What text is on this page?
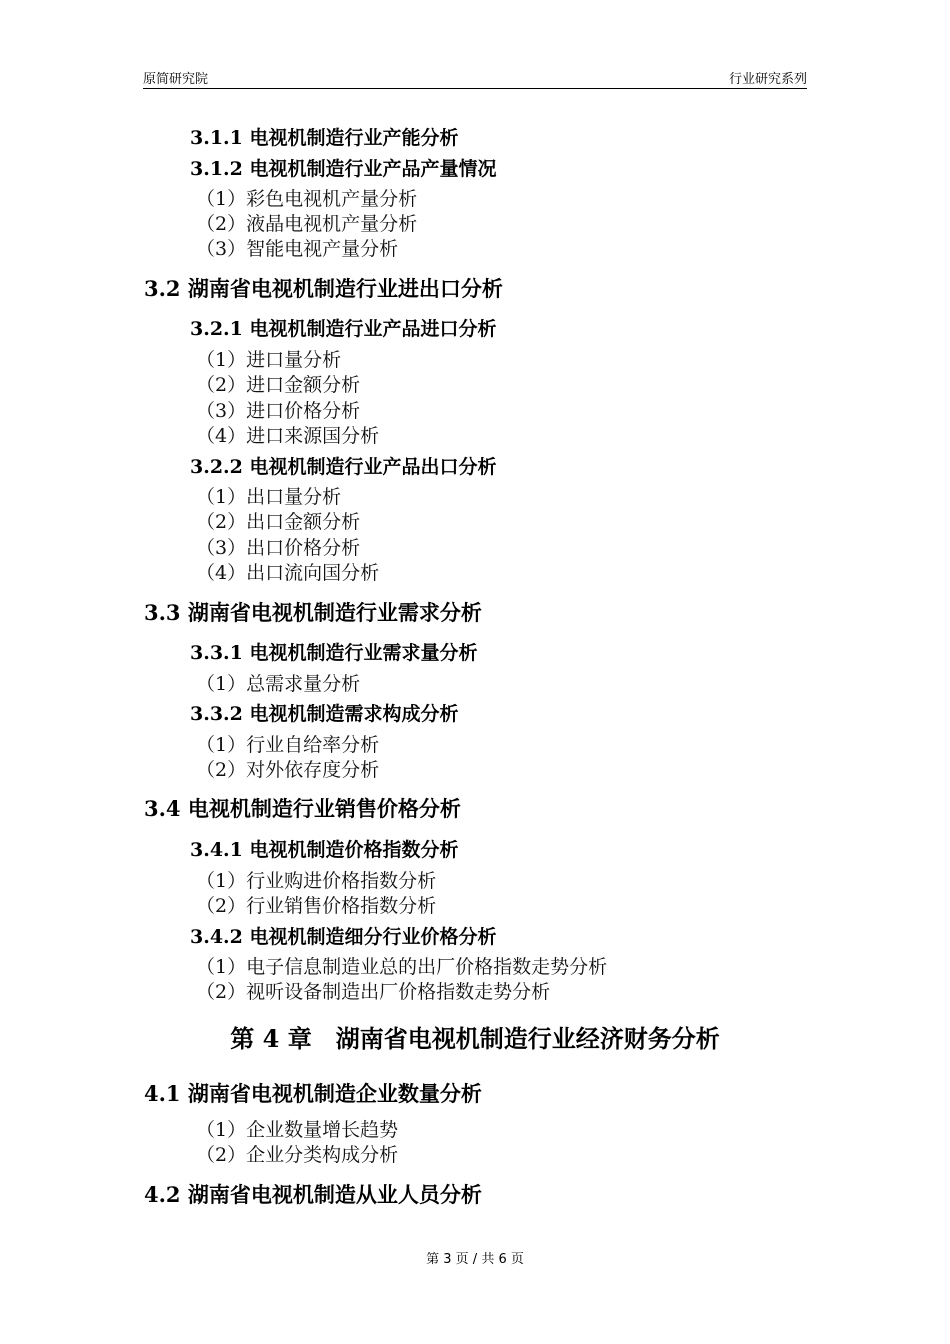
原简研究院	行业研究系列
3.1.1 电视机制造行业产能分析
3.1.2 电视机制造行业产品产量情况
（1）彩色电视机产量分析
（2）液晶电视机产量分析
（3）智能电视产量分析
3.2 湖南省电视机制造行业进出口分析
3.2.1 电视机制造行业产品进口分析
（1）进口量分析
（2）进口金额分析
（3）进口价格分析
（4）进口来源国分析
3.2.2 电视机制造行业产品出口分析
（1）出口量分析
（2）出口金额分析
（3）出口价格分析
（4）出口流向国分析
3.3 湖南省电视机制造行业需求分析
3.3.1 电视机制造行业需求量分析
（1）总需求量分析
3.3.2 电视机制造需求构成分析
（1）行业自给率分析
（2）对外依存度分析
3.4 电视机制造行业销售价格分析
3.4.1 电视机制造价格指数分析
（1）行业购进价格指数分析
（2）行业销售价格指数分析
3.4.2 电视机制造细分行业价格分析
（1）电子信息制造业总的出厂价格指数走势分析
（2）视听设备制造出厂价格指数走势分析
第 4 章　湖南省电视机制造行业经济财务分析
4.1 湖南省电视机制造企业数量分析
（1）企业数量增长趋势
（2）企业分类构成分析
4.2 湖南省电视机制造从业人员分析
第 3 页 / 共 6 页
